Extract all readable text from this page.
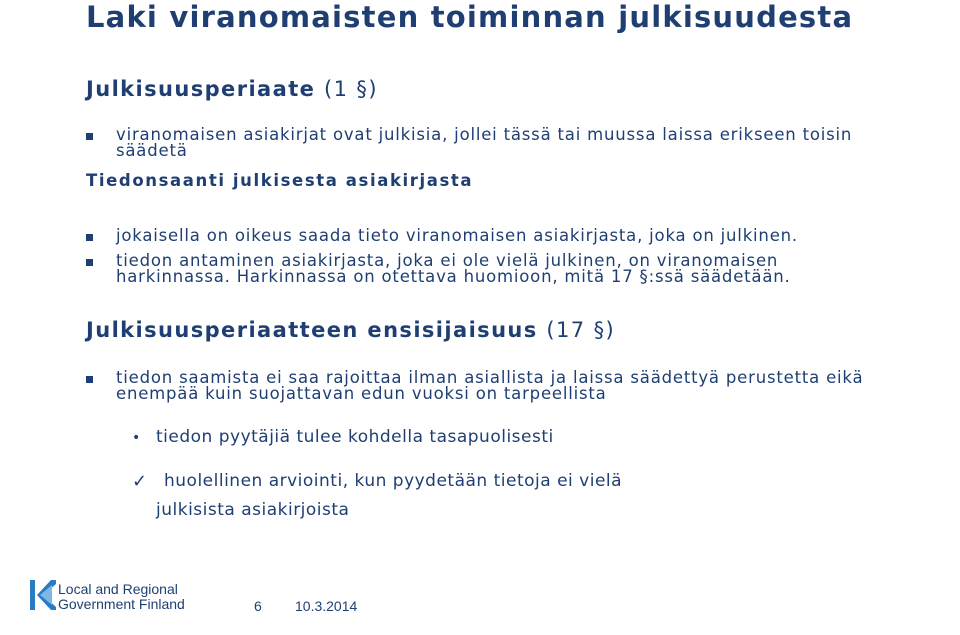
Laki viranomaisten toiminnan julkisuudesta
Julkisuusperiaate (1 §)
viranomaisen asiakirjat ovat julkisia, jollei tässä tai muussa laissa erikseen toisin säädetä
Tiedonsaanti julkisesta asiakirjasta
jokaisella on oikeus saada tieto viranomaisen asiakirjasta, joka on julkinen.
tiedon antaminen asiakirjasta, joka ei ole vielä julkinen, on viranomaisen harkinnassa. Harkinnassa on otettava huomioon, mitä 17 §:ssä säädetään.
Julkisuusperiaatteen ensisijaisuus (17 §)
tiedon saamista ei saa rajoittaa ilman asiallista ja laissa säädettyä perustetta eikä enempää kuin suojattavan edun vuoksi on tarpeellista
• tiedon pyytäjiä tulee kohdella tasapuolisesti
✓ huolellinen arviointi, kun pyydetään tietoja ei vielä
julkisista asiakirjoista
Local and Regional
Government Finland	6 10.3.2014
